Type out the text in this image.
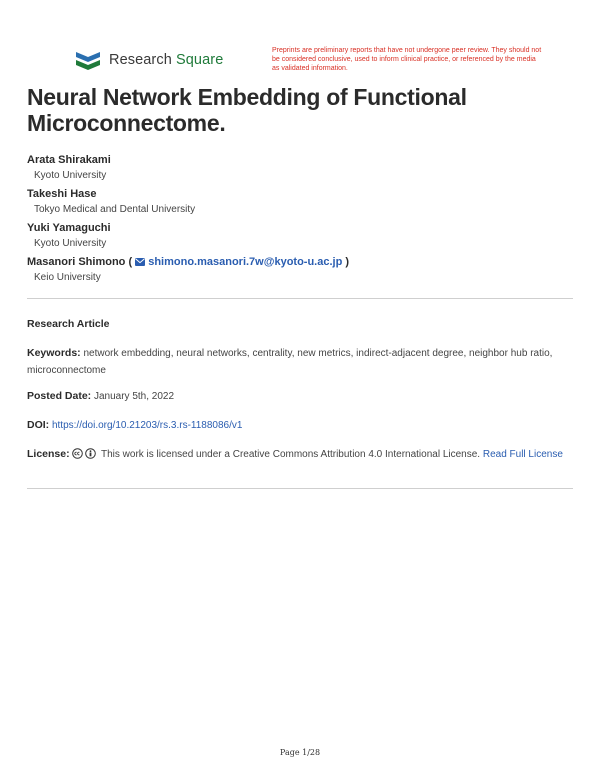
Research Square
Preprints are preliminary reports that have not undergone peer review. They should not be considered conclusive, used to inform clinical practice, or referenced by the media as validated information.
Neural Network Embedding of Functional Microconnectome.
Arata Shirakami
Kyoto University
Takeshi Hase
Tokyo Medical and Dental University
Yuki Yamaguchi
Kyoto University
Masanori Shimono ( shimono.masanori.7w@kyoto-u.ac.jp )
Keio University
Research Article
Keywords: network embedding, neural networks, centrality, new metrics, indirect-adjacent degree, neighbor hub ratio, microconnectome
Posted Date: January 5th, 2022
DOI: https://doi.org/10.21203/rs.3.rs-1188086/v1
License:	This work is licensed under a Creative Commons Attribution 4.0 International License. Read Full License
Page 1/28
